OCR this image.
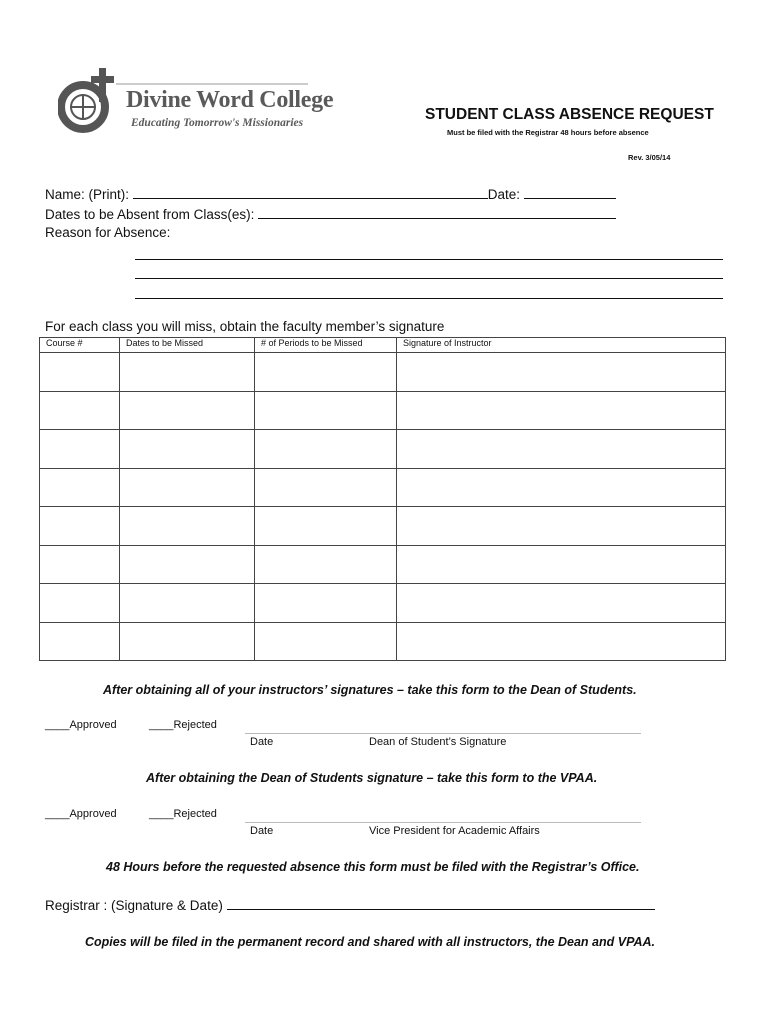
Divine Word College
Educating Tomorrow's Missionaries	STUDENT CLASS ABSENCE REQUEST
Must be filed with the Registrar 48 hours before absence
Rev. 3/05/14
Name: (Print):	Date:
Dates to be Absent from Class(es):
Reason for Absence:
For each class you will miss, obtain the faculty member’s signature
Course #	Dates to be Missed	# of Periods to be Missed	Signature of Instructor

After obtaining all of your instructors’ signatures – take this form to the Dean of Students.
____Approved	____Rejected
Date	Dean of Student’s Signature
After obtaining the Dean of Students signature – take this form to the VPAA.
____Approved	____Rejected
Date	Vice President for Academic Affairs
48 Hours before the requested absence this form must be filed with the Registrar’s Office.
Registrar : (Signature & Date)
Copies will be filed in the permanent record and shared with all instructors, the Dean and VPAA.
